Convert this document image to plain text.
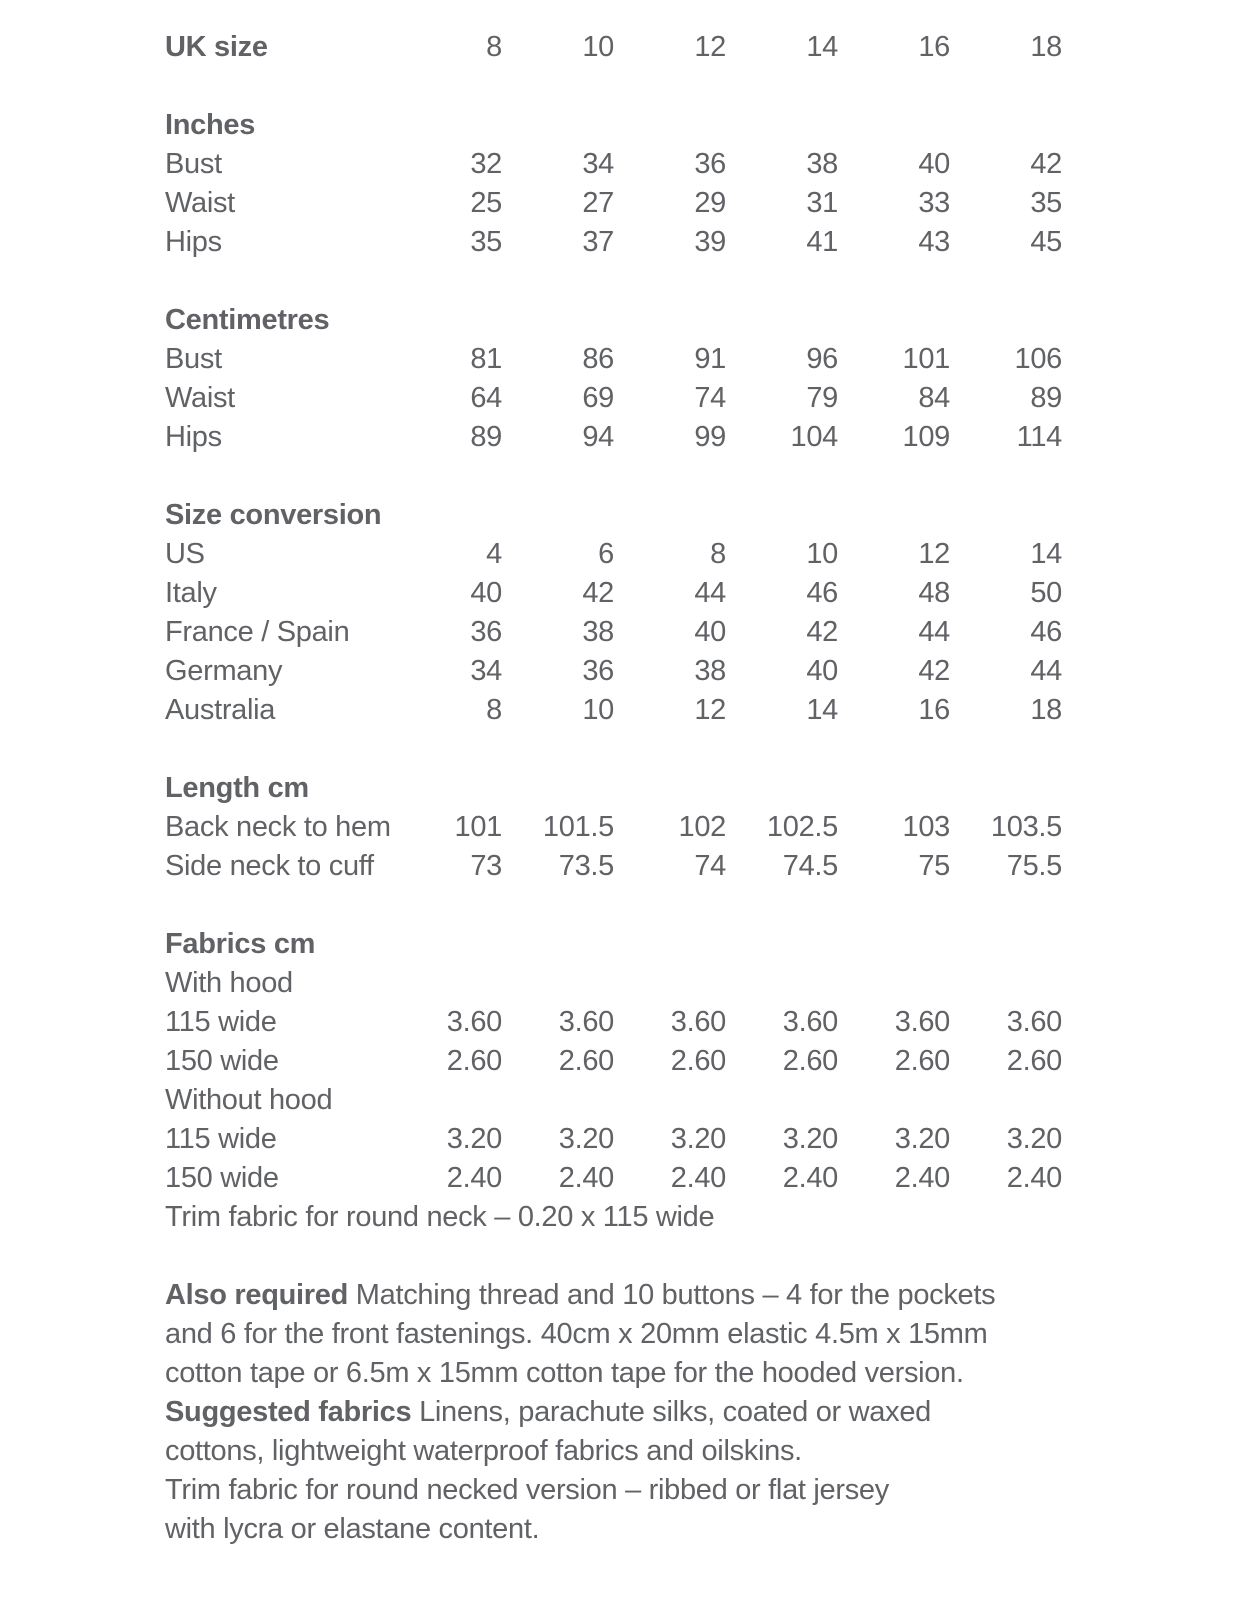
UK size	8	10	12	14	16	18
Inches
Bust	32	34	36	38	40	42
Waist	25	27	29	31	33	35
Hips	35	37	39	41	43	45
Centimetres
Bust	81	86	91	96	101	106
Waist	64	69	74	79	84	89
Hips	89	94	99	104	109	114
Size conversion
US	4	6	8	10	12	14
Italy	40	42	44	46	48	50
France / Spain	36	38	40	42	44	46
Germany	34	36	38	40	42	44
Australia	8	10	12	14	16	18
Length cm
Back neck to hem	101	101.5	102	102.5	103	103.5
Side neck to cuff	73	73.5	74	74.5	75	75.5
Fabrics cm
With hood
115 wide	3.60	3.60	3.60	3.60	3.60	3.60
150 wide	2.60	2.60	2.60	2.60	2.60	2.60
Without hood
115 wide	3.20	3.20	3.20	3.20	3.20	3.20
150 wide	2.40	2.40	2.40	2.40	2.40	2.40
Trim fabric for round neck – 0.20 x 115 wide
Also required Matching thread and 10 buttons – 4 for the pockets
and 6 for the front fastenings. 40cm x 20mm elastic 4.5m x 15mm
cotton tape or 6.5m x 15mm cotton tape for the hooded version.
Suggested fabrics Linens, parachute silks, coated or waxed
cottons, lightweight waterproof fabrics and oilskins.
Trim fabric for round necked version – ribbed or flat jersey
with lycra or elastane content.
